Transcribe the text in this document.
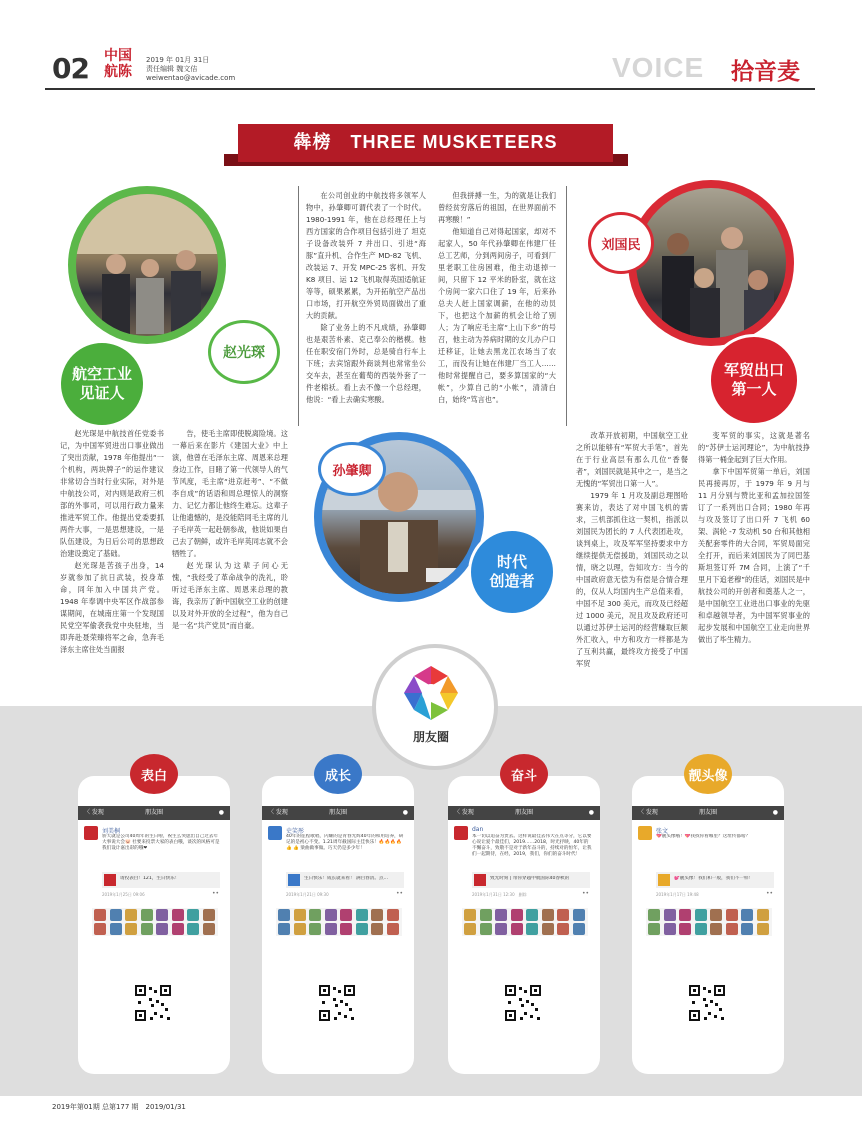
02 中国
航陈
2019 年 01月 31日
责任编辑 魏文佶
weiwentao@avicade.com	VOICE 拾音麦
犇榜　THREE MUSKETEERS
航空工业
见证人
赵光琛
刘国民
军贸出口
第一人
孙肇卿
时代
创造者

赵光琛是中航技首任党委书记，为中国军贸进出口事业做出了突出贡献，1978 年他提出“一个机构，两块牌子”的运作建议非常切合当时行业实际，对外是中航技公司，对内则是政府三机部的外事司，可以用行政力量来推进军贸工作。他提出党委要抓两件大事，一是思想建设，一是队伍建设，为日后公司的思想政治建设奠定了基础。

赵光琛是苦孩子出身，14 岁就参加了抗日武装，投身革命，同年加入中国共产党。1948 年奉调中央军区作战部参谋期间，在城南庄第一个发现国民党空军偷袭我党中央驻地，当即奔赴聂荣臻将军之命，急奔毛泽东主席住处当面报

告，使毛主席即使脱离险境。这一幕后来在影片《建国大业》中上演，他曾在毛泽东主席、周恩来总理身边工作，目睹了第一代领导人的气节风度，毛主席“进京赶考”、“不做李自成”的话语和周总理惊人的洞察力、记忆力都让他终生难忘。这辈子让他遗憾的，是没能陪同毛主席的儿子毛岸英一起赴朝参战，他说如果自己去了朝鲜，或许毛岸英同志就不会牺牲了。

赵光琛认为这辈子问心无愧，“我经受了革命战争的洗礼，聆听过毛泽东主席、周恩来总理的教诲，我亲历了新中国航空工业的创建以及对外开放的全过程”，他为自己是一名“共产党员”而自豪。

在公司创业的中航技将多领军人物中，孙肇卿可谓代表了一个时代。1980-1991 年，他在总经理任上与西方国家的合作项目包括引进了 坦克子设备改装歼 7 并出口、引进“海豚”直升机、合作生产 MD-82 飞机、改装运 7、开发 MPC-25 客机、开发 K8 项目、运 12 飞机取得英国适航证等等，硕果累累，为开拓航空产品出口市场，打开航空外贸局面做出了重大的贡献。

除了业务上的不凡成绩，孙肇卿也是艰苦朴素、克己奉公的楷模。他任在职安宿门外时，总是骑自行车上下班；去宾馆跟外商谈判也常常坐公交车去，甚至在葡萄的西装外套了一件老棉袄。看上去不像一个总经理，他说：“看上去确实寒酸。

但我拼搏一生，为的就是让我们曾经贫穷落后的祖国，在世界面前不再寒酸！”

他知道自己对得起国家，却对不起家人，50 年代孙肇卿在伟建厂任总工艺师，分到两间房子，可看到厂里老职工住房困难，他主动退掉一间，只留下 12 平米的卧室，就在这个房间一家六口住了 19 年，后来孙总夫人赶上国家调薪，在他的动员下，也把这个加薪的机会让给了别人；为了响应毛主席“上山下乡”的号召，他主动为养病时期的女儿办户口迁移证，让她去黑龙江农场当了农工，而没有让她在伟建厂当工人……他时常提醒自己，要多算国家的“大帐”，少算自己的“小帐”，清清白白，始终“笃言也”。

改革开放初期，中国航空工业之所以能够有“军贸大手笔”，首先在于行业高层有那么几位“香餐者”，刘国民就是其中之一，是当之无愧的“军贸出口第一人”。

1979 年 1 月攻及副总理图哈赛来访，表达了对中国飞机的需求，三机部抓住这一契机，指派以刘国民为团长的 7 人代表团赴攻，谈判桌上，攻及军军坚持要求中方继续提供无偿援助，刘国民动之以情，晓之以理，告知攻方：当今的中国政府意无偿为有偿是合情合理的，仅从人均国内生产总值来看，中国不足 300 美元，而攻及已经超过 1000 美元，况且攻及政府还可以通过苏伊士运河的经营赚取巨额外汇收入，中方和攻方一样都是为了互利共赢，最终攻方接受了中国军贸

变军贸的事实，这就是著名的“苏伊士运河理论”，为中航技挣得第一桶金起到了巨大作用。

拿下中国军贸第一单后，刘国民再接再厉，于 1979 年 9 月与 11 月分别与赞比亚和孟加拉国签订了一系列出口合同；1980 年再与攻及签订了出口歼 7 飞机 60 架、涡轮 -7 发动机 50 台和其他相关配套零件的大合同，军贸局面完全打开，而后来刘国民为了同巴基斯坦签订歼 7M 合同，上演了“千里月下追老穆”的佳话，刘国民是中航技公司的开创者和奠基人之一，是中国航空工业进出口事业的先驱和卓越领导者，为中国军贸事业的起步发展和中国航空工业走向世界做出了毕生精力。

朋友圈
〈 发现	朋友圈	●
刘美桐
骄天就是公司40周年的生日啦，祝生么突虑出自己过去年大事说大会🐷 社要来投票大家的表白哦，谈次的风格可是我们设计嘉出彩的哦❤
请投表白！121，生日快乐！
2019年1月25日 09:06	••
表白
〈 发现	朋友圈	●
史笑彤
40年的征程歌唱，闪耀的是青春光辉40年的和用培养，研记的是初心不变。1.21周年截国际主佳快乐！🔥🔥🔥🔥 👍 👍 梁曲做事做。巧天仍是多少年！
生日快乐！成长就来看！ 满目春清。点…
2019年1月21日 09:30	••
成长
〈 发现	朋友圈	●
dan
本一切以追奋为贵去。这样说最佳去伟大在点等分，它以要心说让爱个最佳们，2019……2018，时光抒映，40年的不懈奋斗，致敬不是对于新年奋斗的，持续对的恒年，让我们一起期待，在经，2019，我们，你们的奋斗时代！
致光时刻 | 带你穿越中航国际40春秋的
2019年1月31日 12:30　删除	••
奋斗
〈 发现	朋友圈	●
张文
💖靓头像哦！💖我找你看哪里？这址传都啥？
💕靓头像！我们和一般，我们不一样！
2019年1月17日 19:48	••
靓头像
2019年第01期 总第177 期　2019/01/31
